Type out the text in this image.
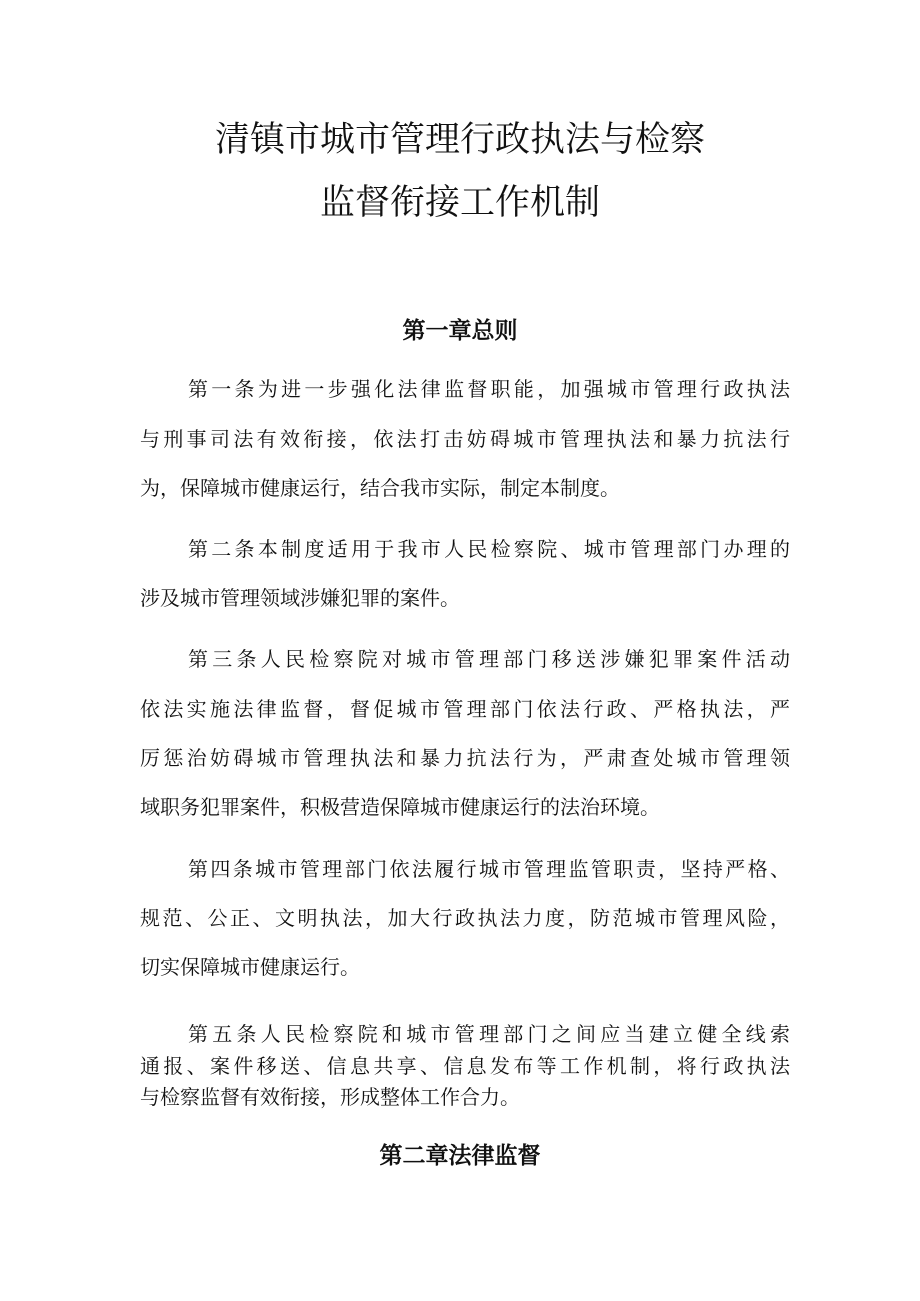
清镇市城市管理行政执法与检察
监督衔接工作机制
第一章总则
第一条为进一步强化法律监督职能，加强城市管理行政执法
与刑事司法有效衔接，依法打击妨碍城市管理执法和暴力抗法行
为，保障城市健康运行，结合我市实际，制定本制度。
第二条本制度适用于我市人民检察院、城市管理部门办理的
涉及城市管理领域涉嫌犯罪的案件。
第三条人民检察院对城市管理部门移送涉嫌犯罪案件活动
依法实施法律监督，督促城市管理部门依法行政、严格执法，严
厉惩治妨碍城市管理执法和暴力抗法行为，严肃查处城市管理领
域职务犯罪案件，积极营造保障城市健康运行的法治环境。
第四条城市管理部门依法履行城市管理监管职责，坚持严格、
规范、公正、文明执法，加大行政执法力度，防范城市管理风险，
切实保障城市健康运行。
第五条人民检察院和城市管理部门之间应当建立健全线索
通报、案件移送、信息共享、信息发布等工作机制，将行政执法
与检察监督有效衔接，形成整体工作合力。
第二章法律监督
